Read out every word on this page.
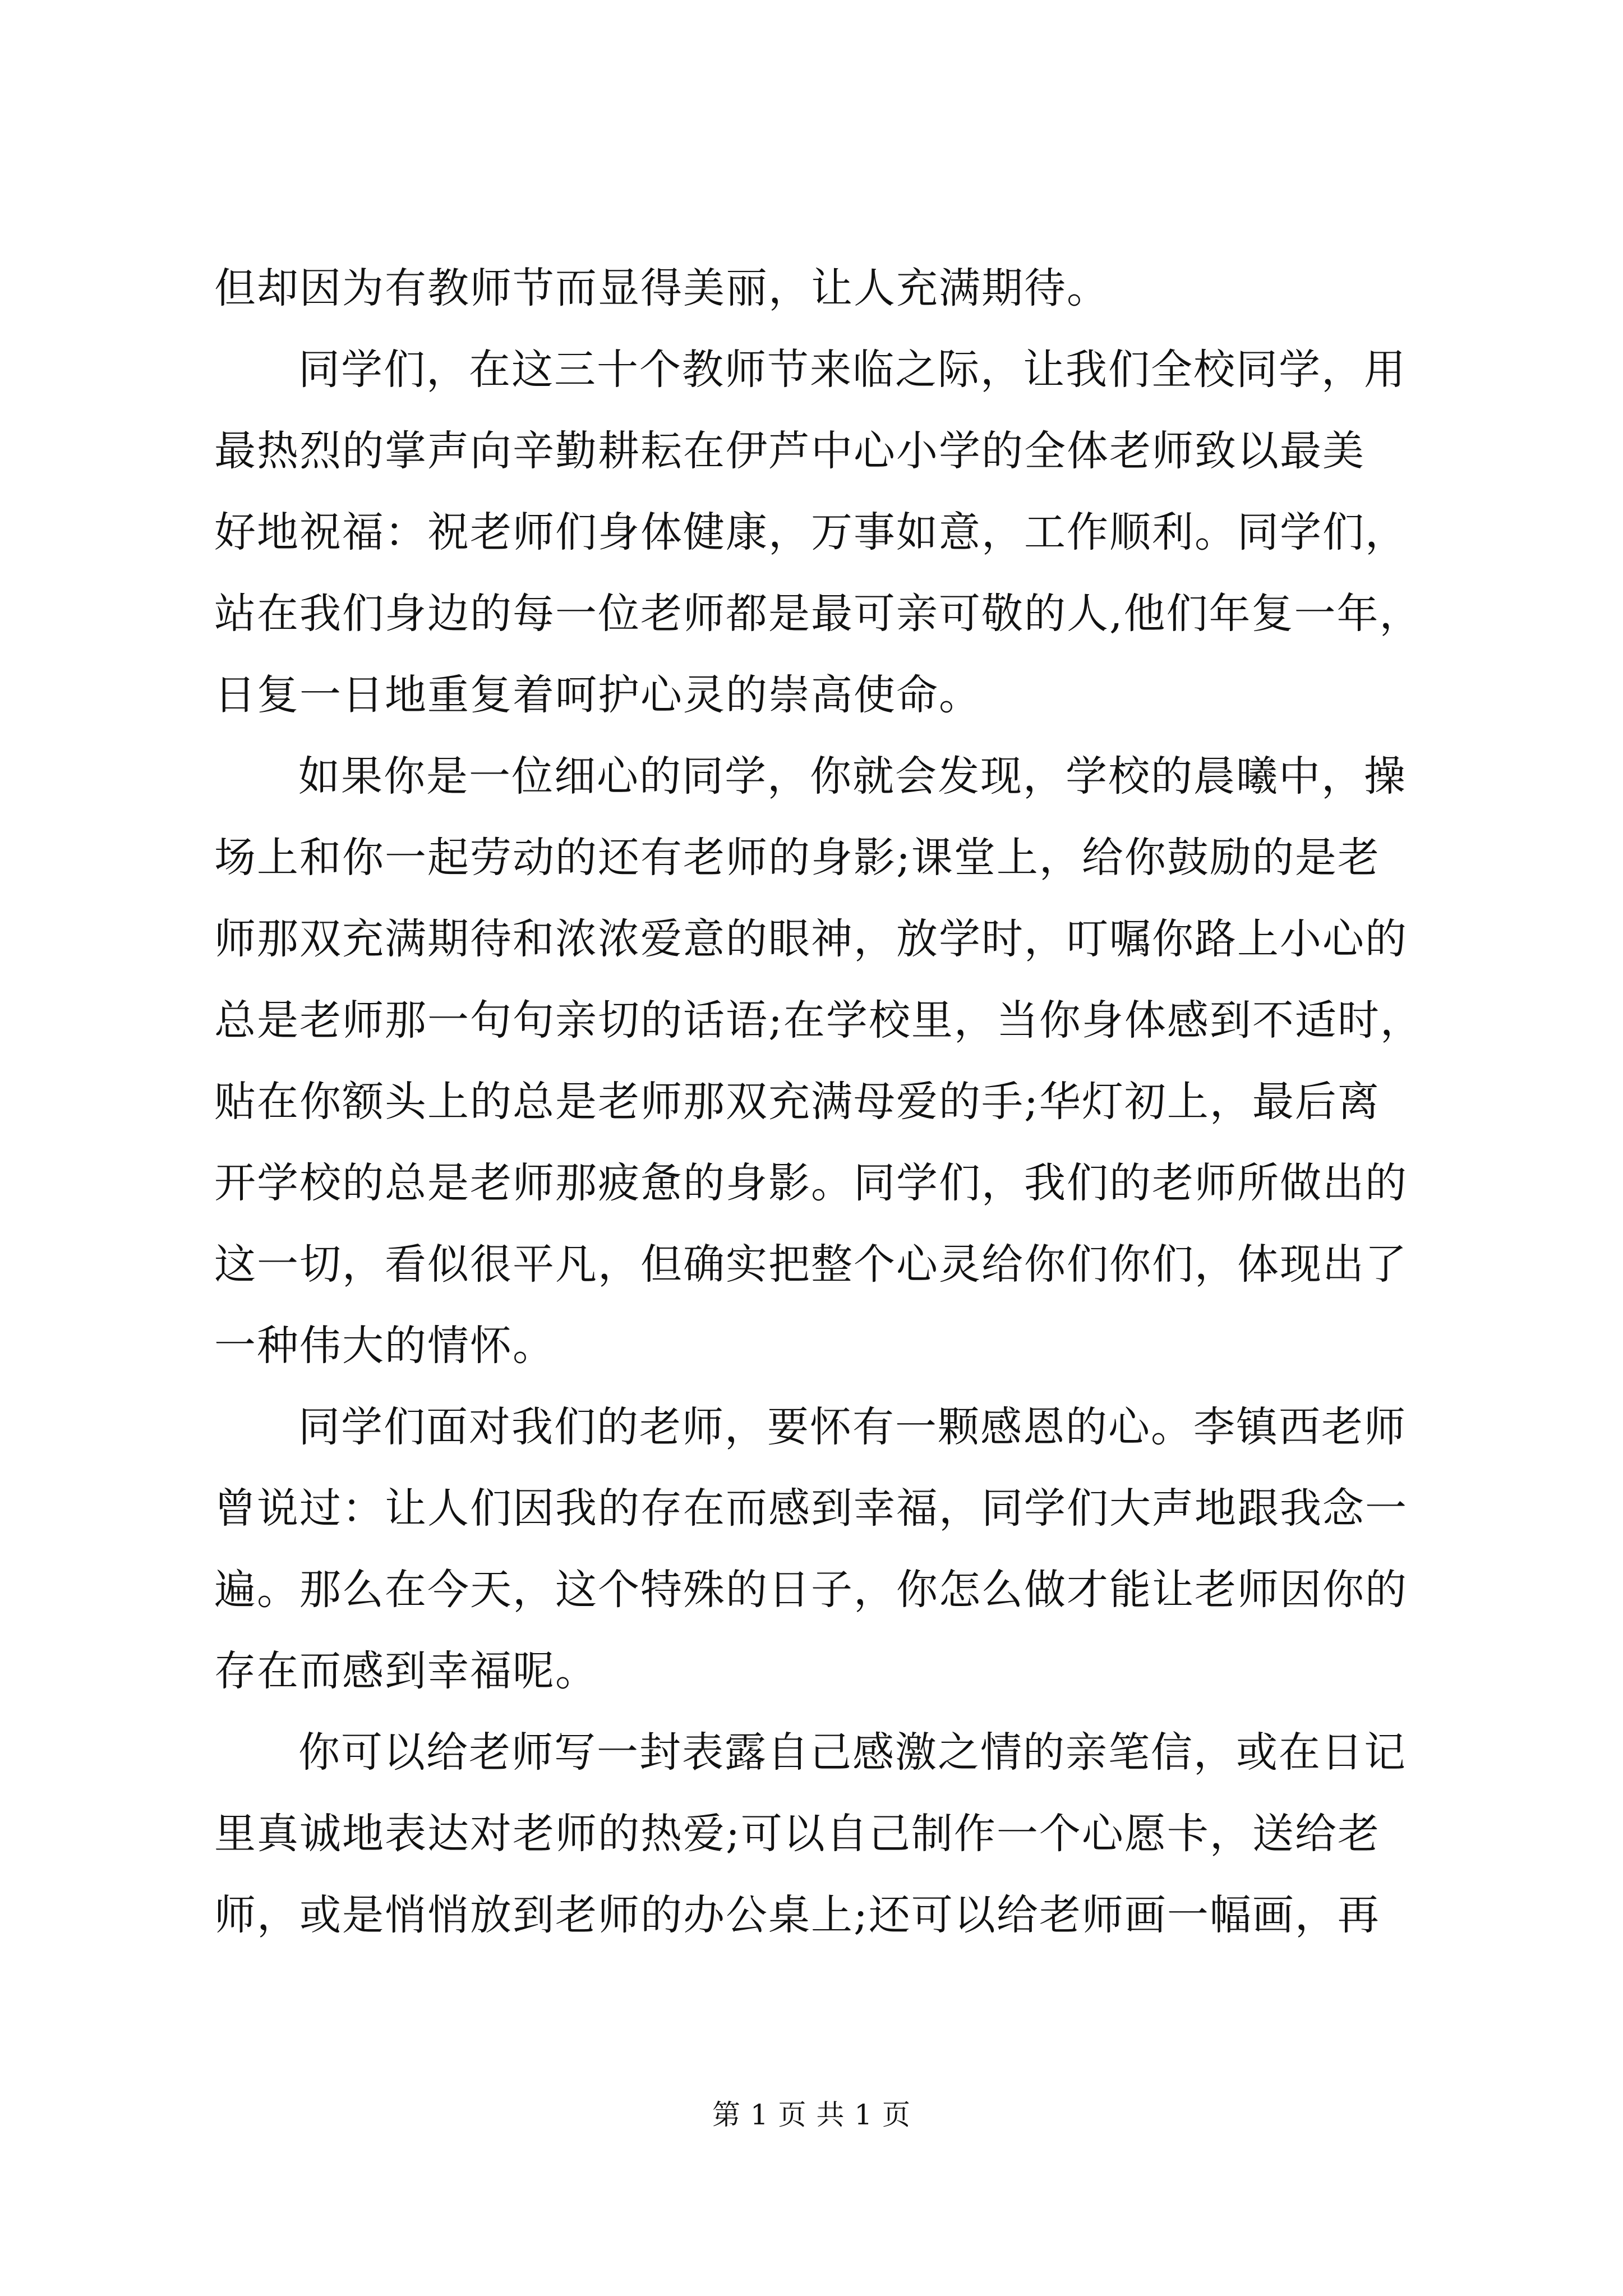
但却因为有教师节而显得美丽，让人充满期待。
同学们，在这三十个教师节来临之际，让我们全校同学，用
最热烈的掌声向辛勤耕耘在伊芦中心小学的全体老师致以最美
好地祝福：祝老师们身体健康，万事如意，工作顺利。同学们，
站在我们身边的每一位老师都是最可亲可敬的人,他们年复一年，
日复一日地重复着呵护心灵的崇高使命。
如果你是一位细心的同学，你就会发现，学校的晨曦中，操
场上和你一起劳动的还有老师的身影;课堂上，给你鼓励的是老
师那双充满期待和浓浓爱意的眼神，放学时，叮嘱你路上小心的
总是老师那一句句亲切的话语;在学校里，当你身体感到不适时，
贴在你额头上的总是老师那双充满母爱的手;华灯初上，最后离
开学校的总是老师那疲惫的身影。同学们，我们的老师所做出的
这一切，看似很平凡，但确实把整个心灵给你们你们，体现出了
一种伟大的情怀。
同学们面对我们的老师，要怀有一颗感恩的心。李镇西老师
曾说过：让人们因我的存在而感到幸福，同学们大声地跟我念一
遍。那么在今天，这个特殊的日子，你怎么做才能让老师因你的
存在而感到幸福呢。
你可以给老师写一封表露自己感激之情的亲笔信，或在日记
里真诚地表达对老师的热爱;可以自己制作一个心愿卡，送给老
师，或是悄悄放到老师的办公桌上;还可以给老师画一幅画，再
第 1 页 共 1 页
